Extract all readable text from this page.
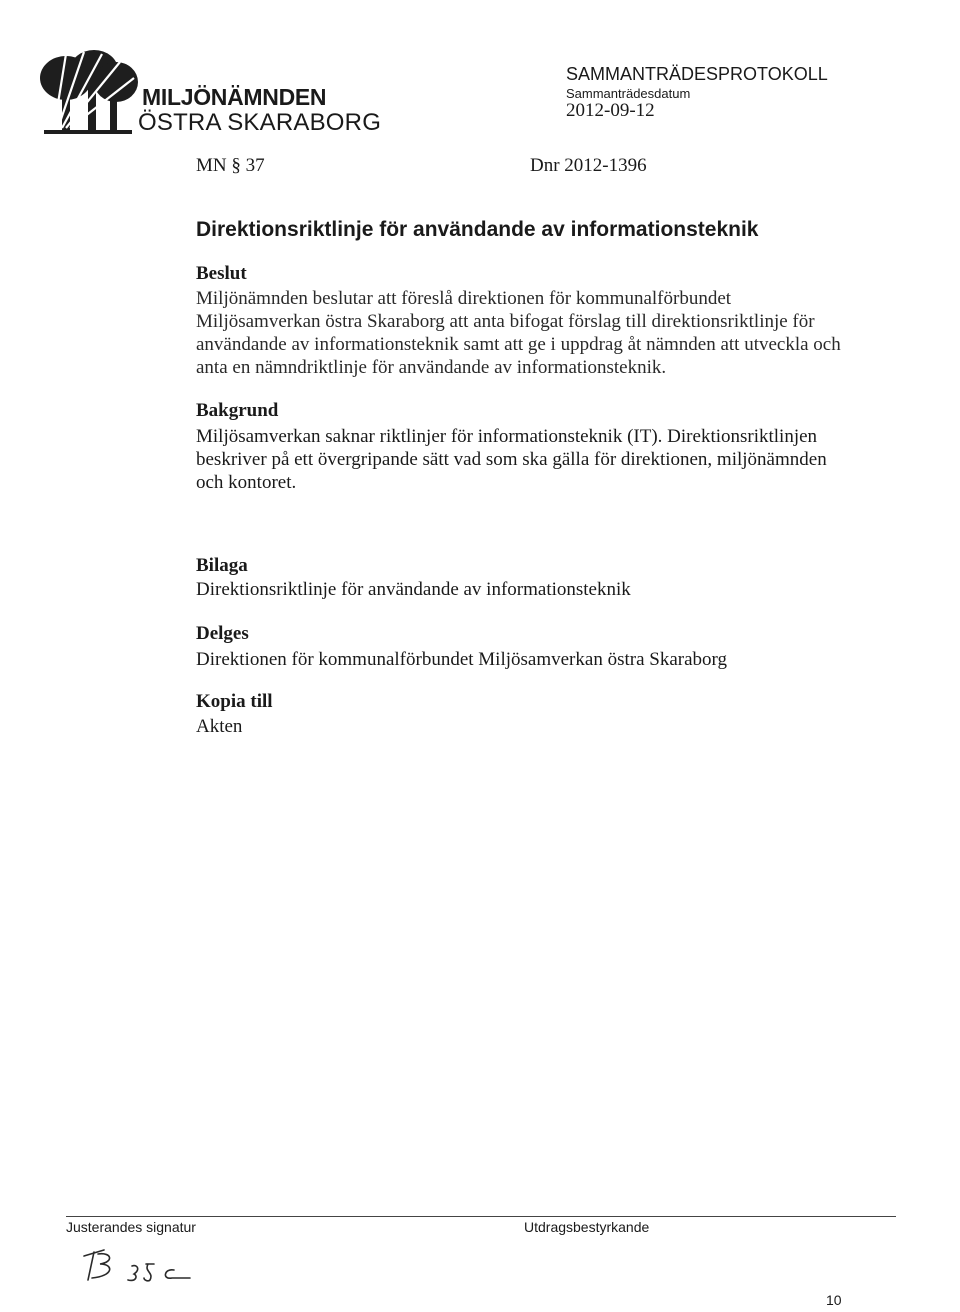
MILJÖNÄMNDEN
ÖSTRA SKARABORG
SAMMANTRÄDESPROTOKOLL
Sammanträdesdatum
2012-09-12
MN § 37	Dnr 2012-1396
Direktionsriktlinje för användande av informationsteknik
Beslut
Miljönämnden beslutar att föreslå direktionen för kommunalförbundet Miljösamverkan östra Skaraborg att anta bifogat förslag till direktionsriktlinje för användande av informationsteknik samt att ge i uppdrag åt nämnden att utveckla och anta en nämndriktlinje för användande av informationsteknik.
Bakgrund
Miljösamverkan saknar riktlinjer för informationsteknik (IT). Direktionsriktlinjen beskriver på ett övergripande sätt vad som ska gälla för direktionen, miljönämnden och kontoret.
Bilaga
Direktionsriktlinje för användande av informationsteknik
Delges
Direktionen för kommunalförbundet Miljösamverkan östra Skaraborg
Kopia till
Akten
Justerandes signatur	Utdragsbestyrkande
10
